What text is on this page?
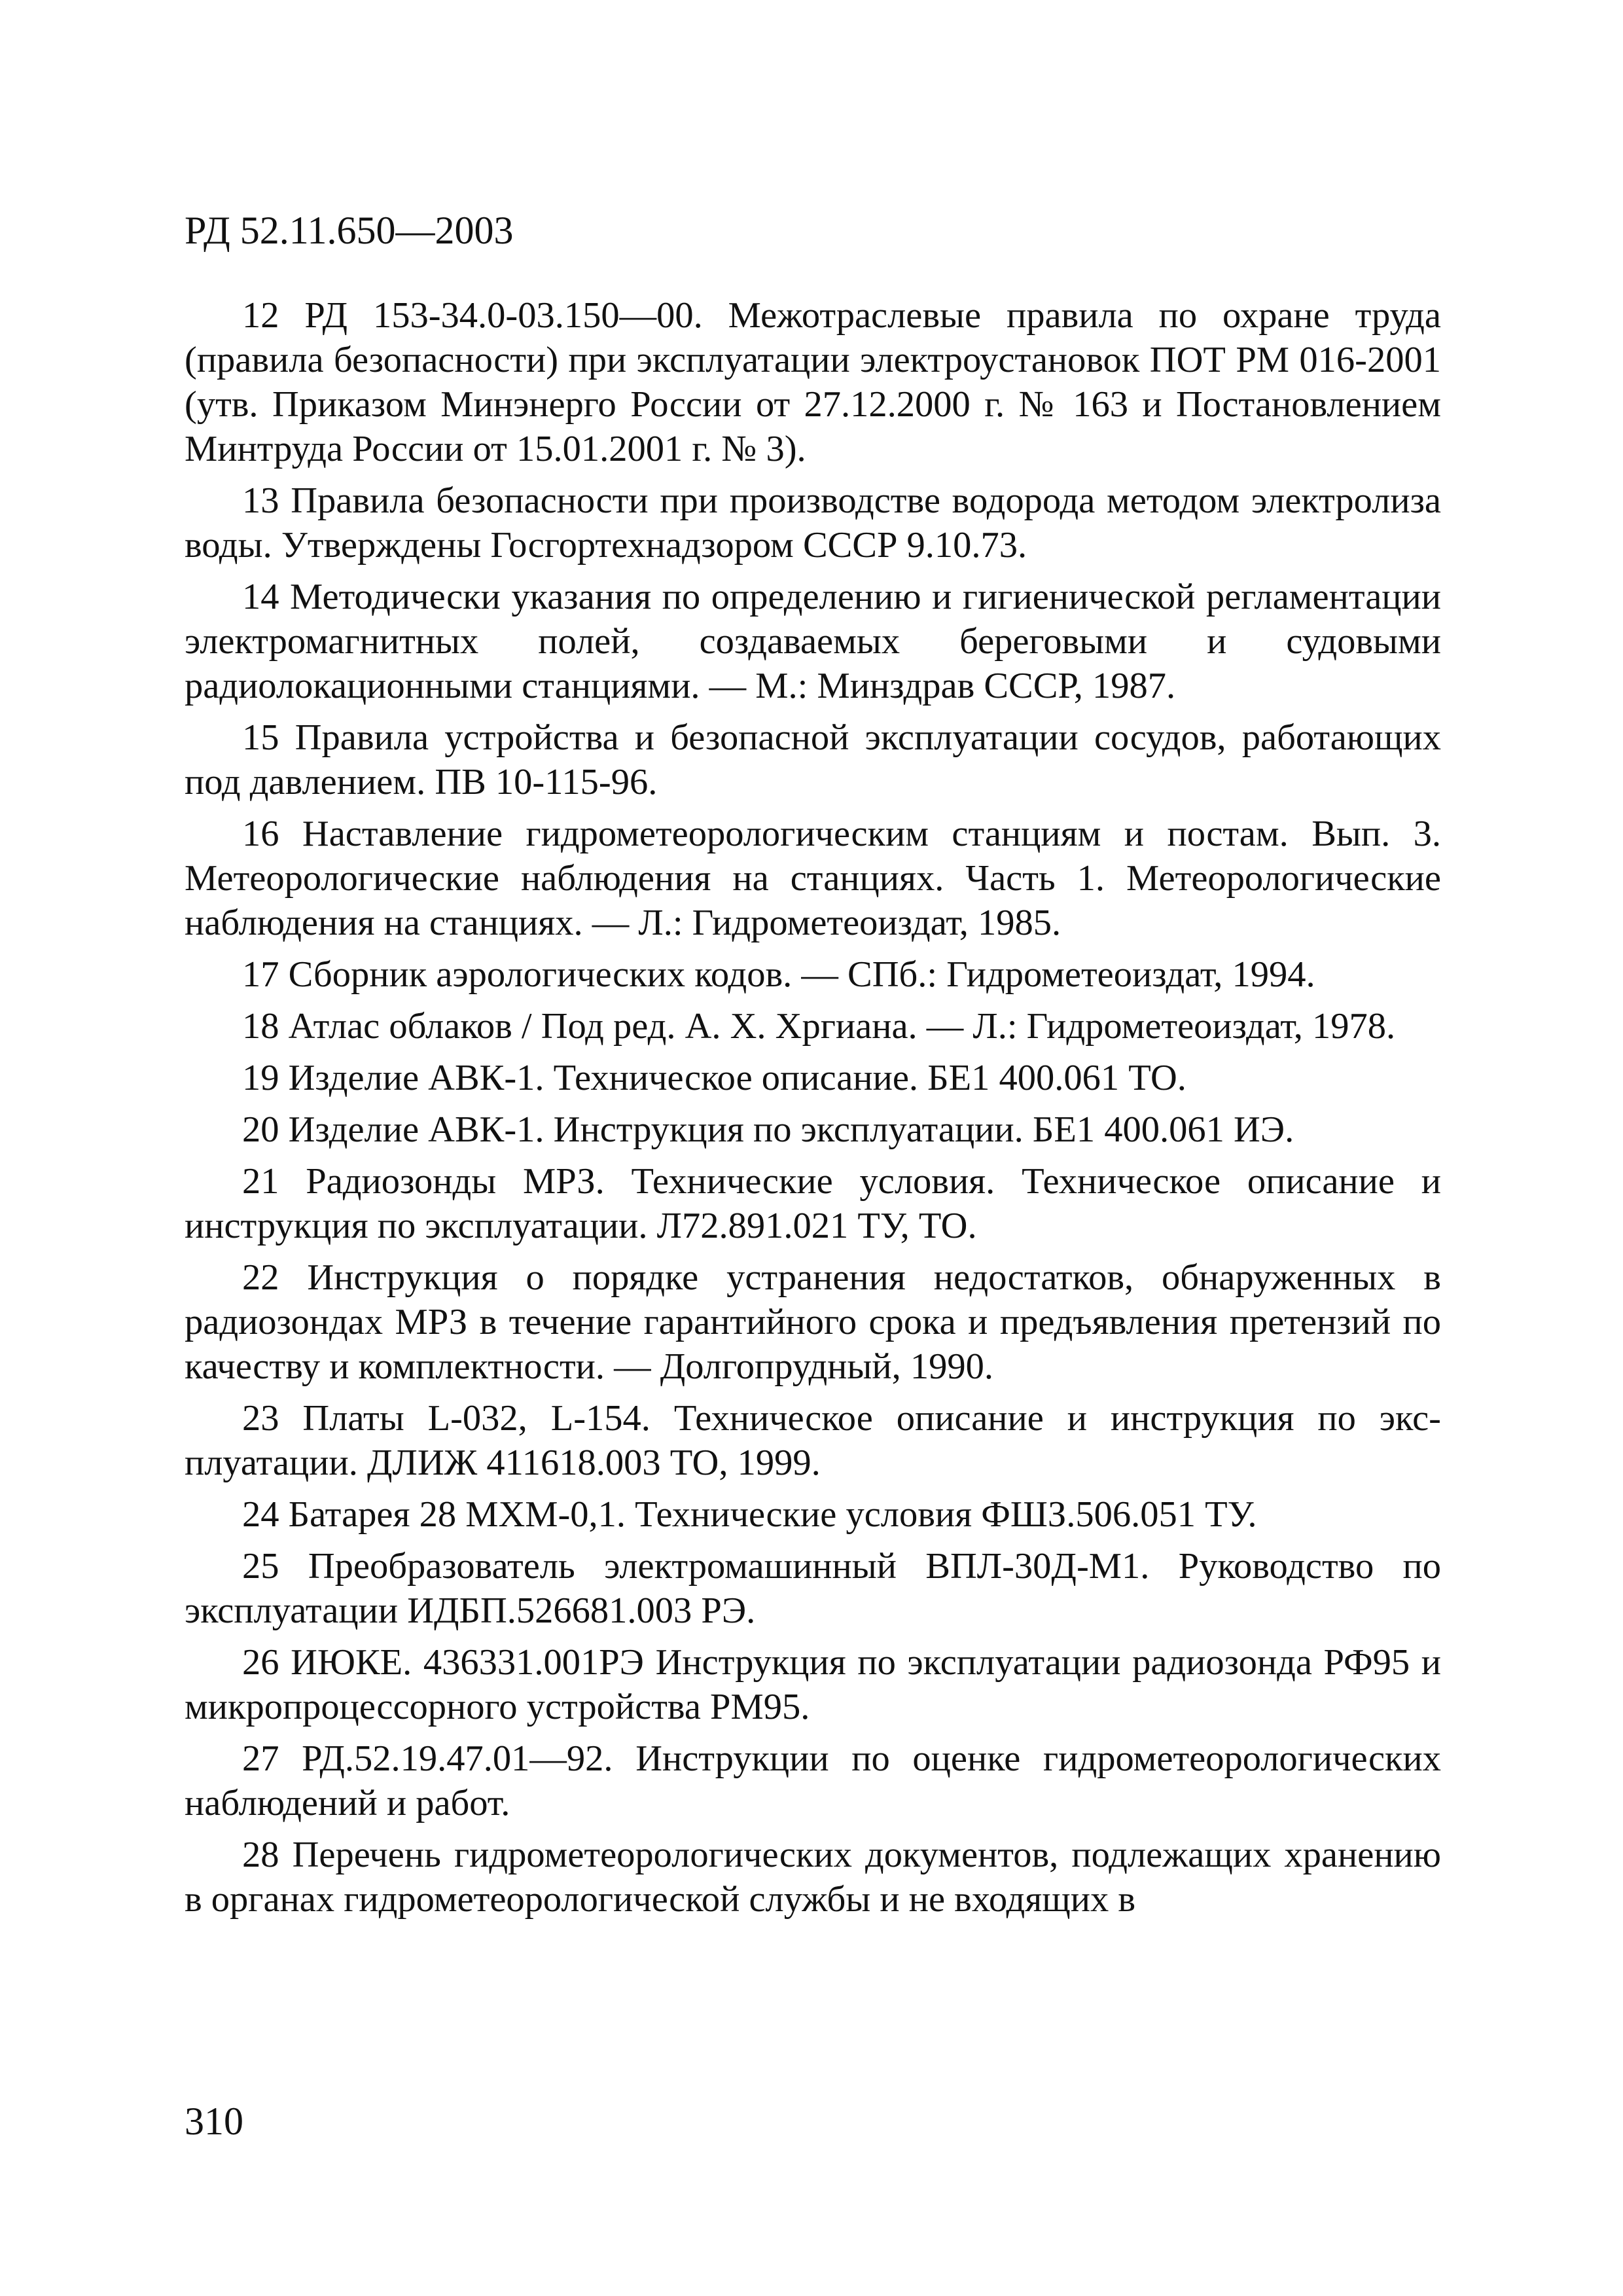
РД 52.11.650—2003

12 РД 153-34.0-03.150—00. Межотраслевые правила по охране труда (правила безопасности) при эксплуатации электроустановок ПОТ РМ 016-2001 (утв. Приказом Минэнерго России от 27.12.2000 г. № 163 и Постановлением Минтруда России от 15.01.2001 г. № 3).

13 Правила безопасности при производстве водорода методом электролиза воды. Утверждены Госгортехнадзором СССР 9.10.73.

14 Методически указания по определению и гигиенической регламентации электромагнитных полей, создаваемых береговыми и судовыми радиолокационными станциями. — М.: Минздрав СССР, 1987.

15 Правила устройства и безопасной эксплуатации сосудов, работающих под давлением. ПВ 10-115-96.

16 Наставление гидрометеорологическим станциям и постам. Вып. 3. Метеорологические наблюдения на станциях. Часть 1. Метеорологические наблюдения на станциях. — Л.: Гидрометеоиздат, 1985.

17 Сборник аэрологических кодов. — СПб.: Гидрометеоиздат, 1994.

18 Атлас облаков / Под ред. А. Х. Хргиана. — Л.: Гидрометеоиздат, 1978.

19 Изделие АВК-1. Техническое описание. БЕ1 400.061 ТО.

20 Изделие АВК-1. Инструкция по эксплуатации. БЕ1 400.061 ИЭ.

21 Радиозонды МРЗ. Технические условия. Техническое описание и инструкция по эксплуатации. Л72.891.021 ТУ, ТО.

22 Инструкция о порядке устранения недостатков, обнаруженных в радиозондах МРЗ в течение гарантийного срока и предъявления претензий по качеству и комплектности. — Долгопрудный, 1990.

23 Платы L-032, L-154. Техническое описание и инструкция по эксплуатации. ДЛИЖ 411618.003 ТО, 1999.

24 Батарея 28 МХМ-0,1. Технические условия ФШЗ.506.051 ТУ.

25 Преобразователь электромашинный ВПЛ-30Д-М1. Руководство по эксплуатации ИДБП.526681.003 РЭ.

26 ИЮКЕ. 436331.001РЭ Инструкция по эксплуатации радиозонда РФ95 и микропроцессорного устройства РМ95.

27 РД.52.19.47.01—92. Инструкции по оценке гидрометеорологических наблюдений и работ.

28 Перечень гидрометеорологических документов, подлежащих хранению в органах гидрометеорологической службы и не входящих в

310
